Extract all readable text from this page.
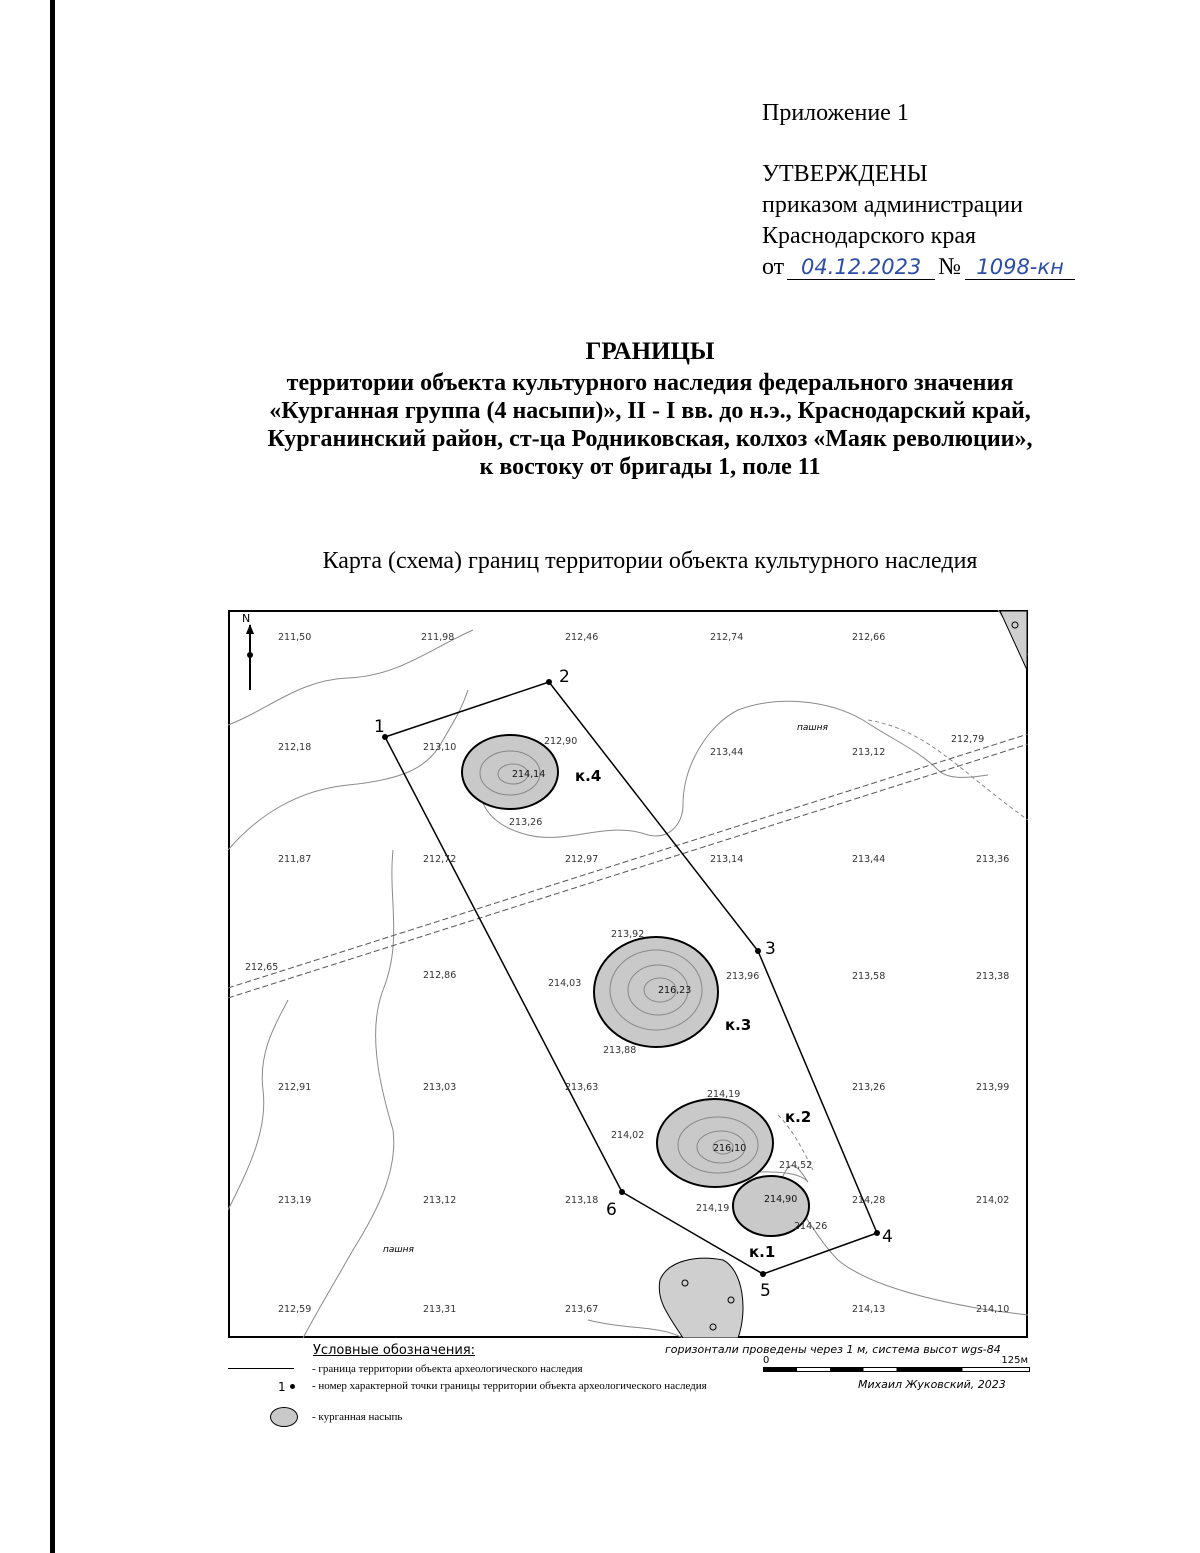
Приложение 1
УТВЕРЖДЕНЫ
приказом администрации
Краснодарского края
от 04.12.2023 № 1098-кн
ГРАНИЦЫ
территории объекта культурного наследия федерального значения
«Курганная группа (4 насыпи)», II - I вв. до н.э., Краснодарский край,
Курганинский район, ст-ца Родниковская, колхоз «Маяк революции»,
к востоку от бригады 1, поле 11
Карта (схема) границ территории объекта культурного наследия
1
2
3
4
5
6
к.4
214,14
к.3
216,23
к.2
216,10
к.1
214,90
211,50	211,98	212,46	212,74	212,66
212,18	213,10
212,90
213,44	213,12
212,79
213,26
211,87	212,72	212,97	213,14	213,44	213,36
213,92
212,65
212,86
214,03
213,96	213,58	213,38
213,88
212,91	213,03	213,63
214,19
213,26	213,99
214,02
214,52
213,19	213,12	213,18
214,19
214,28	214,02
214,26
212,59	213,31	213,67	214,13	214,10
пашня
пашня
N
Условные обозначения:	горизонтали проведены через 1 м, система высот wgs-84
0	125м
Михаил Жуковский, 2023
- граница территории объекта археологического наследия
1 - номер характерной точки границы территории объекта археологического наследия
- курганная насыпь
